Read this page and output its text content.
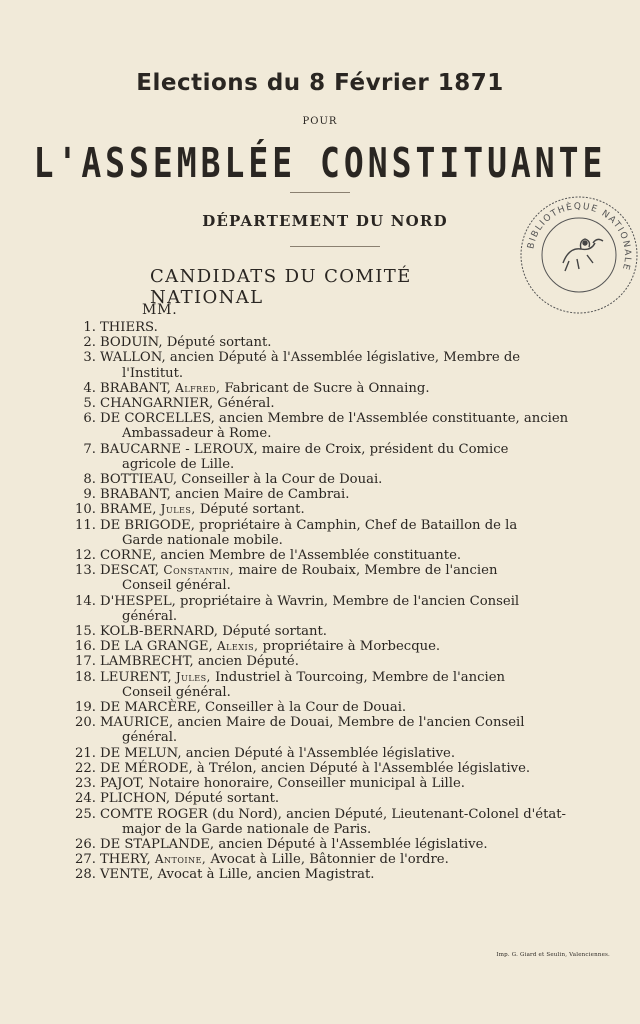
Elections du 8 Février 1871
POUR
L'ASSEMBLÉE CONSTITUANTE
DÉPARTEMENT DU NORD
CANDIDATS DU COMITÉ NATIONAL
BIBLIOTHÈQUE NATIONALE
MM.
1. THIERS.
2. BODUIN, Député sortant.
3. WALLON, ancien Député à l'Assemblée législative, Membre de
l'Institut.
4. BRABANT, Alfred, Fabricant de Sucre à Onnaing.
5. CHANGARNIER, Général.
6. DE CORCELLES, ancien Membre de l'Assemblée constituante, ancien
Ambassadeur à Rome.
7. BAUCARNE - LEROUX, maire de Croix, président du Comice
agricole de Lille.
8. BOTTIEAU, Conseiller à la Cour de Douai.
9. BRABANT, ancien Maire de Cambrai.
10. BRAME, Jules, Député sortant.
11. DE BRIGODE, propriétaire à Camphin, Chef de Bataillon de la
Garde nationale mobile.
12. CORNE, ancien Membre de l'Assemblée constituante.
13. DESCAT, Constantin, maire de Roubaix, Membre de l'ancien
Conseil général.
14. D'HESPEL, propriétaire à Wavrin, Membre de l'ancien Conseil
général.
15. KOLB-BERNARD, Député sortant.
16. DE LA GRANGE, Alexis, propriétaire à Morbecque.
17. LAMBRECHT, ancien Député.
18. LEURENT, Jules, Industriel à Tourcoing, Membre de l'ancien
Conseil général.
19. DE MARCÈRE, Conseiller à la Cour de Douai.
20. MAURICE, ancien Maire de Douai, Membre de l'ancien Conseil
général.
21. DE MELUN, ancien Député à l'Assemblée législative.
22. DE MÉRODE, à Trélon, ancien Député à l'Assemblée législative.
23. PAJOT, Notaire honoraire, Conseiller municipal à Lille.
24. PLICHON, Député sortant.
25. COMTE ROGER (du Nord), ancien Député, Lieutenant-Colonel d'état-
major de la Garde nationale de Paris.
26. DE STAPLANDE, ancien Député à l'Assemblée législative.
27. THERY, Antoine, Avocat à Lille, Bâtonnier de l'ordre.
28. VENTE, Avocat à Lille, ancien Magistrat.
Imp. G. Giard et Seulin, Valenciennes.
